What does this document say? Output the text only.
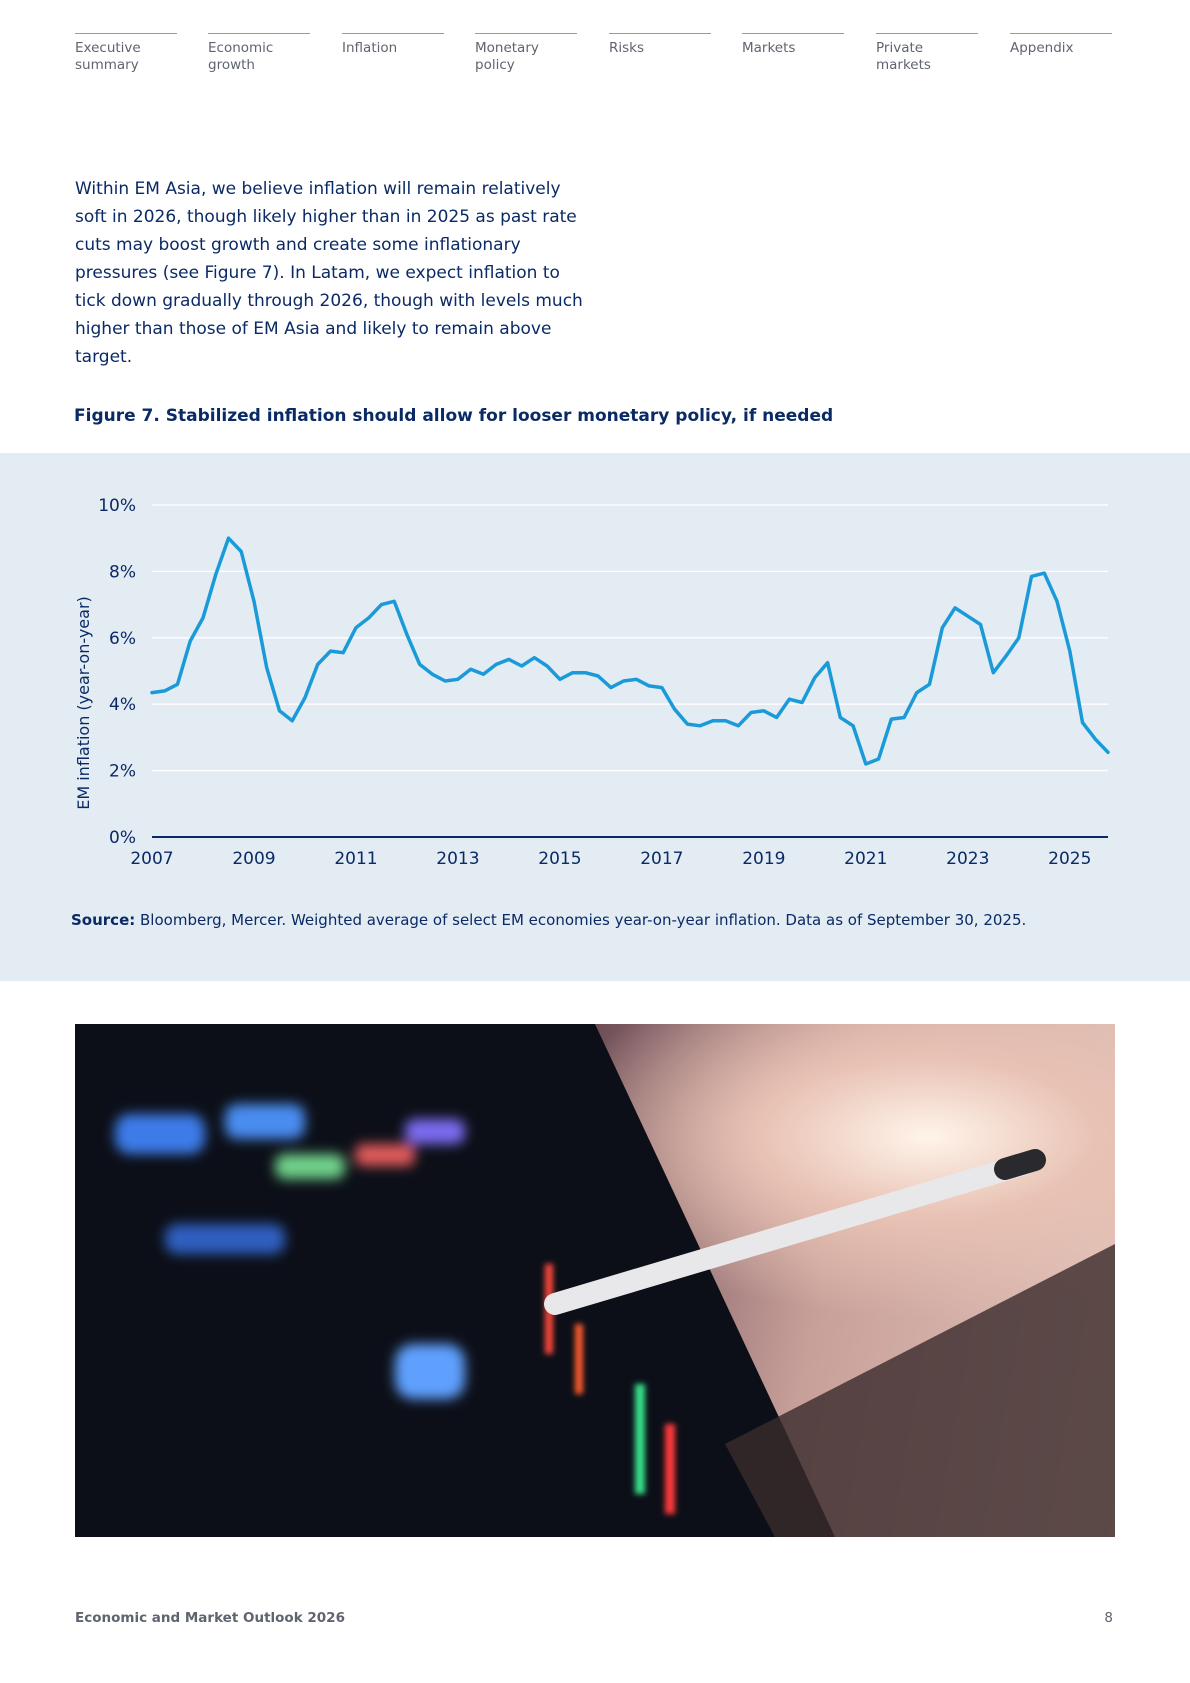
Executive
summary
Economic
growth
Inflation	Monetary
policy
Risks	Markets	Private
markets
Appendix

Within EM Asia, we believe inflation will remain relatively soft in 2026, though likely higher than in 2025 as past rate cuts may boost growth and create some inflationary pressures (see Figure 7). In Latam, we expect inflation to tick down gradually through 2026, though with levels much higher than those of EM Asia and likely to remain above target.

Figure 7. Stabilized inflation should allow for looser monetary policy, if needed
0%
2%
4%
6%
8%
10%
2007	2009	2011	2013	2015	2017	2019	2021	2023	2025
EM inflation (year-on-year)
Source: Bloomberg, Mercer. Weighted average of select EM economies year-on-year inflation. Data as of September 30, 2025.
Economic and Market Outlook 2026	8
